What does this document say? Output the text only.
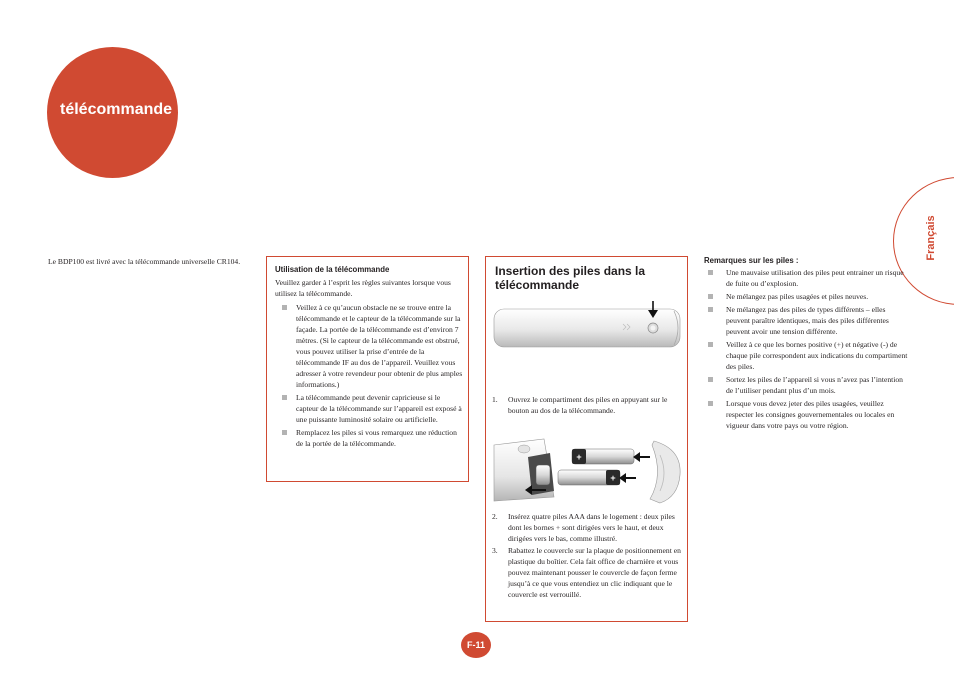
télécommande
Français
Le BDP100 est livré avec la télécommande universelle CR104.
Utilisation de la télécommande
Veuillez garder à l’esprit les règles suivantes lorsque vous utilisez la télécommande.
Veillez à ce qu’aucun obstacle ne se trouve entre la télécommande et le capteur de la télécommande sur la façade. La portée de la télécommande est d’environ 7 mètres. (Si le capteur de la télécommande est obstrué, vous pouvez utiliser la prise d’entrée de la télécommande IF au dos de l’appareil. Veuillez vous adresser à votre revendeur pour obtenir de plus amples informations.)
La télécommande peut devenir capricieuse si le capteur de la télécommande sur l’appareil est exposé à une puissante luminosité solaire ou artificielle.
Remplacez les piles si vous remarquez une réduction de la portée de la télécommande.
Insertion des piles dans la télécommande
1. Ouvrez le compartiment des piles en appuyant sur le bouton au dos de la télécommande.
+
+
2. Insérez quatre piles AAA dans le logement : deux piles dont les bornes + sont dirigées vers le haut, et deux dirigées vers le bas, comme illustré.
3. Rabattez le couvercle sur la plaque de positionnement en plastique du boîtier. Cela fait office de charnière et vous pouvez maintenant pousser le couvercle de façon ferme jusqu’à ce que vous entendiez un clic indiquant que le couvercle est verrouillé.
Remarques sur les piles :
Une mauvaise utilisation des piles peut entrainer un risque de fuite ou d’explosion.
Ne mélangez pas piles usagées et piles neuves.
Ne mélangez pas des piles de types différents – elles peuvent paraître identiques, mais des piles différentes peuvent avoir une tension différente.
Veillez à ce que les bornes positive (+) et négative (-) de chaque pile correspondent aux indications du compartiment des piles.
Sortez les piles de l’appareil si vous n’avez pas l’intention de l’utiliser pendant plus d’un mois.
Lorsque vous devez jeter des piles usagées, veuillez respecter les consignes gouvernementales ou locales en vigueur dans votre pays ou votre région.
F-11
